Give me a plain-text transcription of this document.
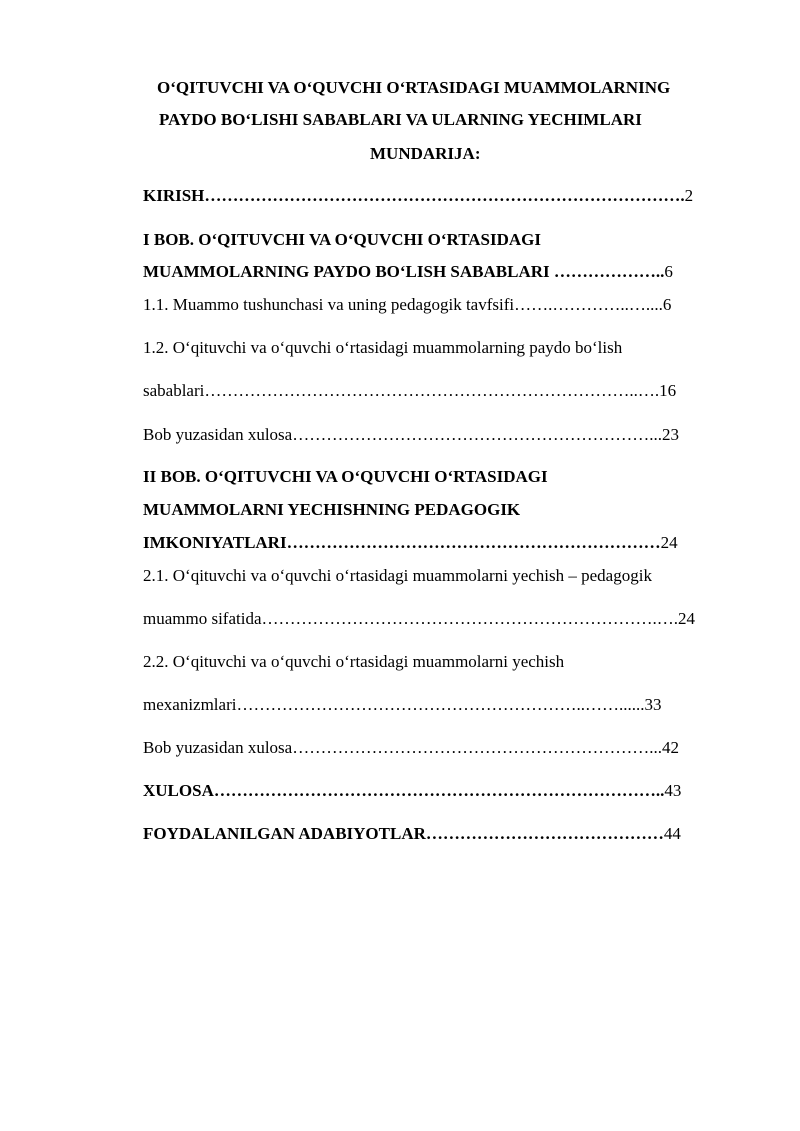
O‘QITUVCHI VA O‘QUVCHI O‘RTASIDAGI MUAMMOLARNING
PAYDO BO‘LISHI SABABLARI VA ULARNING YECHIMLARI
MUNDARIJA:
KIRISH………………………………………………………………………….2
I BOB. O‘QITUVCHI VA O‘QUVCHI O‘RTASIDAGI
MUAMMOLARNING PAYDO BO‘LISH SABABLARI ………………..6
1.1. Muammo tushunchasi va uning pedagogik tavfsifi…….…………..…....6
1.2. O‘qituvchi va o‘quvchi o‘rtasidagi muammolarning paydo bo‘lish
sabablari…………………………………………………………………..….16
Bob yuzasidan xulosa………………………………………………………...23
II BOB. O‘QITUVCHI VA O‘QUVCHI O‘RTASIDAGI
MUAMMOLARNI YECHISHNING PEDAGOGIK
IMKONIYATLARI…………………………………………………………24
2.1. O‘qituvchi va o‘quvchi o‘rtasidagi muammolarni yechish – pedagogik
muammo sifatida…………………………………………………………….….24
2.2. O‘qituvchi va o‘quvchi o‘rtasidagi muammolarni yechish
mexanizmlari……………………………………………………..……......33
Bob yuzasidan xulosa………………………………………………………...42
XULOSA……………………………………………………………………..43
FOYDALANILGAN ADABIYOTLAR……………………………………44
